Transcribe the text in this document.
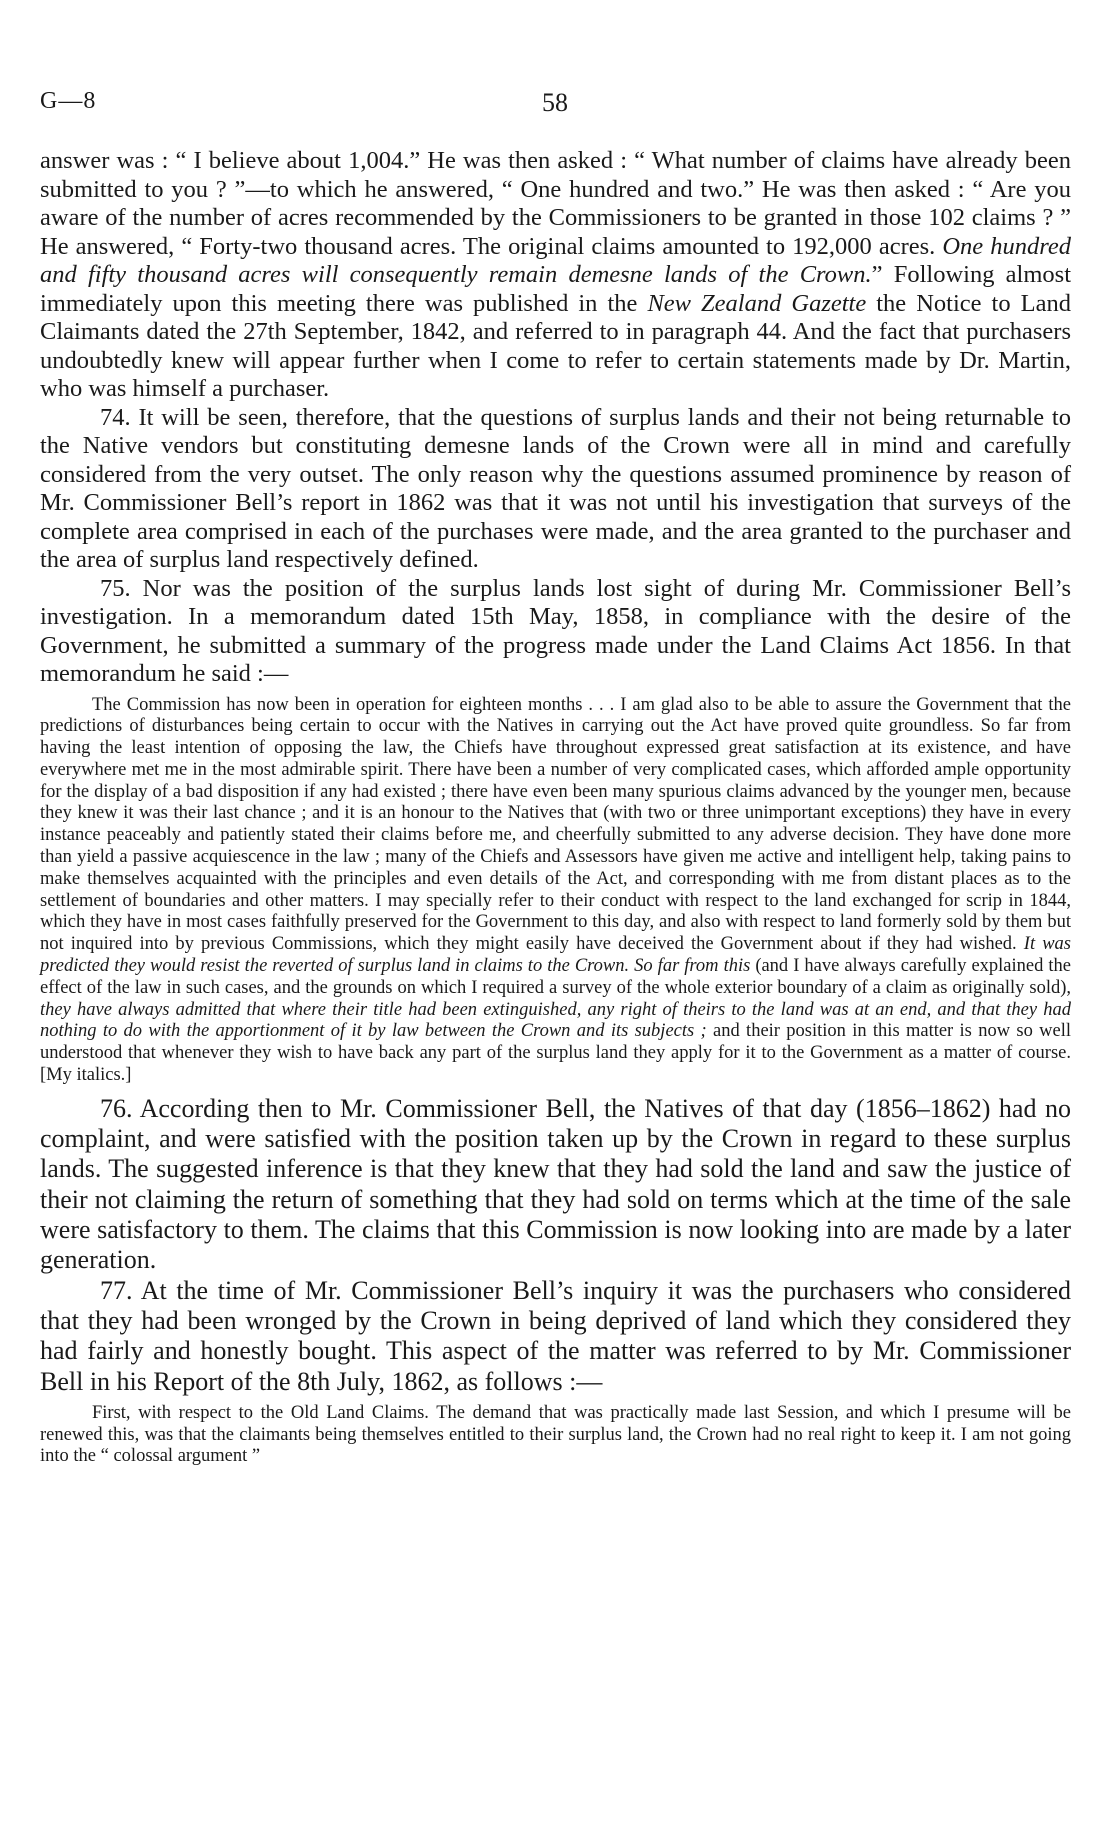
G—8	58

answer was : “ I believe about 1,004.” He was then asked : “ What number of claims have already been submitted to you ? ”—to which he answered, “ One hundred and two.” He was then asked : “ Are you aware of the number of acres recommended by the Commissioners to be granted in those 102 claims ? ” He answered, “ Forty-two thousand acres. The original claims amounted to 192,000 acres. One hundred and fifty thousand acres will consequently remain demesne lands of the Crown.” Following almost immediately upon this meeting there was published in the New Zealand Gazette the Notice to Land Claimants dated the 27th September, 1842, and referred to in paragraph 44. And the fact that purchasers undoubtedly knew will appear further when I come to refer to certain statements made by Dr. Martin, who was himself a purchaser.

74. It will be seen, therefore, that the questions of surplus lands and their not being returnable to the Native vendors but constituting demesne lands of the Crown were all in mind and carefully considered from the very outset. The only reason why the questions assumed prominence by reason of Mr. Commissioner Bell’s report in 1862 was that it was not until his investigation that surveys of the complete area comprised in each of the purchases were made, and the area granted to the purchaser and the area of surplus land respectively defined.

75. Nor was the position of the surplus lands lost sight of during Mr. Commissioner Bell’s investigation. In a memorandum dated 15th May, 1858, in compliance with the desire of the Government, he submitted a summary of the progress made under the Land Claims Act 1856. In that memorandum he said :—

The Commission has now been in operation for eighteen months . . . I am glad also to be able to assure the Government that the predictions of disturbances being certain to occur with the Natives in carrying out the Act have proved quite groundless. So far from having the least intention of opposing the law, the Chiefs have throughout expressed great satisfaction at its existence, and have everywhere met me in the most admirable spirit. There have been a number of very complicated cases, which afforded ample opportunity for the display of a bad disposition if any had existed ; there have even been many spurious claims advanced by the younger men, because they knew it was their last chance ; and it is an honour to the Natives that (with two or three unimportant exceptions) they have in every instance peaceably and patiently stated their claims before me, and cheerfully submitted to any adverse decision. They have done more than yield a passive acquiescence in the law ; many of the Chiefs and Assessors have given me active and intelligent help, taking pains to make themselves acquainted with the principles and even details of the Act, and corresponding with me from distant places as to the settlement of boundaries and other matters. I may specially refer to their conduct with respect to the land exchanged for scrip in 1844, which they have in most cases faithfully preserved for the Government to this day, and also with respect to land formerly sold by them but not inquired into by previous Commissions, which they might easily have deceived the Government about if they had wished. It was predicted they would resist the reverted of surplus land in claims to the Crown. So far from this (and I have always carefully explained the effect of the law in such cases, and the grounds on which I required a survey of the whole exterior boundary of a claim as originally sold), they have always admitted that where their title had been extinguished, any right of theirs to the land was at an end, and that they had nothing to do with the apportionment of it by law between the Crown and its subjects ; and their position in this matter is now so well understood that whenever they wish to have back any part of the surplus land they apply for it to the Government as a matter of course. [My italics.]

76. According then to Mr. Commissioner Bell, the Natives of that day (1856–1862) had no complaint, and were satisfied with the position taken up by the Crown in regard to these surplus lands. The suggested inference is that they knew that they had sold the land and saw the justice of their not claiming the return of something that they had sold on terms which at the time of the sale were satisfactory to them. The claims that this Commission is now looking into are made by a later generation.

77. At the time of Mr. Commissioner Bell’s inquiry it was the purchasers who considered that they had been wronged by the Crown in being deprived of land which they considered they had fairly and honestly bought. This aspect of the matter was referred to by Mr. Commissioner Bell in his Report of the 8th July, 1862, as follows :—

First, with respect to the Old Land Claims. The demand that was practically made last Session, and which I presume will be renewed this, was that the claimants being themselves entitled to their surplus land, the Crown had no real right to keep it. I am not going into the “ colossal argument ”
